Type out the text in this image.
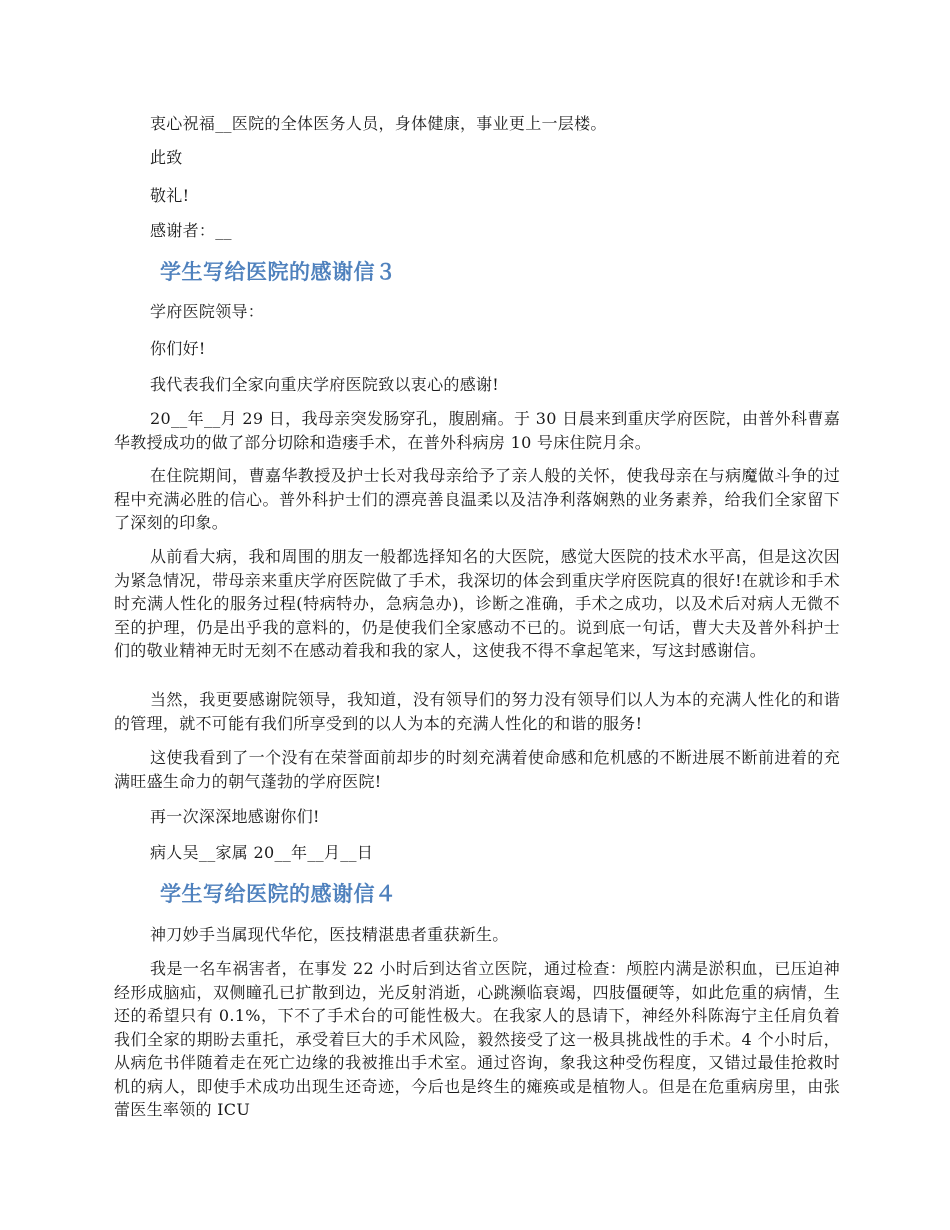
衷心祝福__医院的全体医务人员，身体健康，事业更上一层楼。

此致

敬礼!

感谢者：__

学生写给医院的感谢信３

学府医院领导：

你们好!

我代表我们全家向重庆学府医院致以衷心的感谢!

20__年__月 29 日，我母亲突发肠穿孔，腹剧痛。于 30 日晨来到重庆学府医院，由普外科曹嘉华教授成功的做了部分切除和造瘘手术，在普外科病房 10 号床住院月余。

在住院期间，曹嘉华教授及护士长对我母亲给予了亲人般的关怀，使我母亲在与病魔做斗争的过程中充满必胜的信心。普外科护士们的漂亮善良温柔以及洁净利落娴熟的业务素养，给我们全家留下了深刻的印象。

从前看大病，我和周围的朋友一般都选择知名的大医院，感觉大医院的技术水平高，但是这次因为紧急情况，带母亲来重庆学府医院做了手术，我深切的体会到重庆学府医院真的很好!在就诊和手术时充满人性化的服务过程(特病特办，急病急办)，诊断之准确，手术之成功，以及术后对病人无微不至的护理，仍是出乎我的意料的，仍是使我们全家感动不已的。说到底一句话，曹大夫及普外科护士们的敬业精神无时无刻不在感动着我和我的家人，这使我不得不拿起笔来，写这封感谢信。

当然，我更要感谢院领导，我知道，没有领导们的努力没有领导们以人为本的充满人性化的和谐的管理，就不可能有我们所享受到的以人为本的充满人性化的和谐的服务!

这使我看到了一个没有在荣誉面前却步的时刻充满着使命感和危机感的不断进展不断前进着的充满旺盛生命力的朝气蓬勃的学府医院!

再一次深深地感谢你们!

病人吴__家属 20__年__月__日

学生写给医院的感谢信４

神刀妙手当属现代华佗，医技精湛患者重获新生。

我是一名车祸害者，在事发 22 小时后到达省立医院，通过检查：颅腔内满是淤积血，已压迫神经形成脑疝，双侧瞳孔已扩散到边，光反射消逝，心跳濒临衰竭，四肢僵硬等，如此危重的病情，生还的希望只有 0.1%，下不了手术台的可能性极大。在我家人的恳请下，神经外科陈海宁主任肩负着我们全家的期盼去重托，承受着巨大的手术风险，毅然接受了这一极具挑战性的手术。4 个小时后，从病危书伴随着走在死亡边缘的我被推出手术室。通过咨询，象我这种受伤程度，又错过最佳抢救时机的病人，即使手术成功出现生还奇迹，今后也是终生的瘫痪或是植物人。但是在危重病房里，由张蕾医生率领的 ICU
